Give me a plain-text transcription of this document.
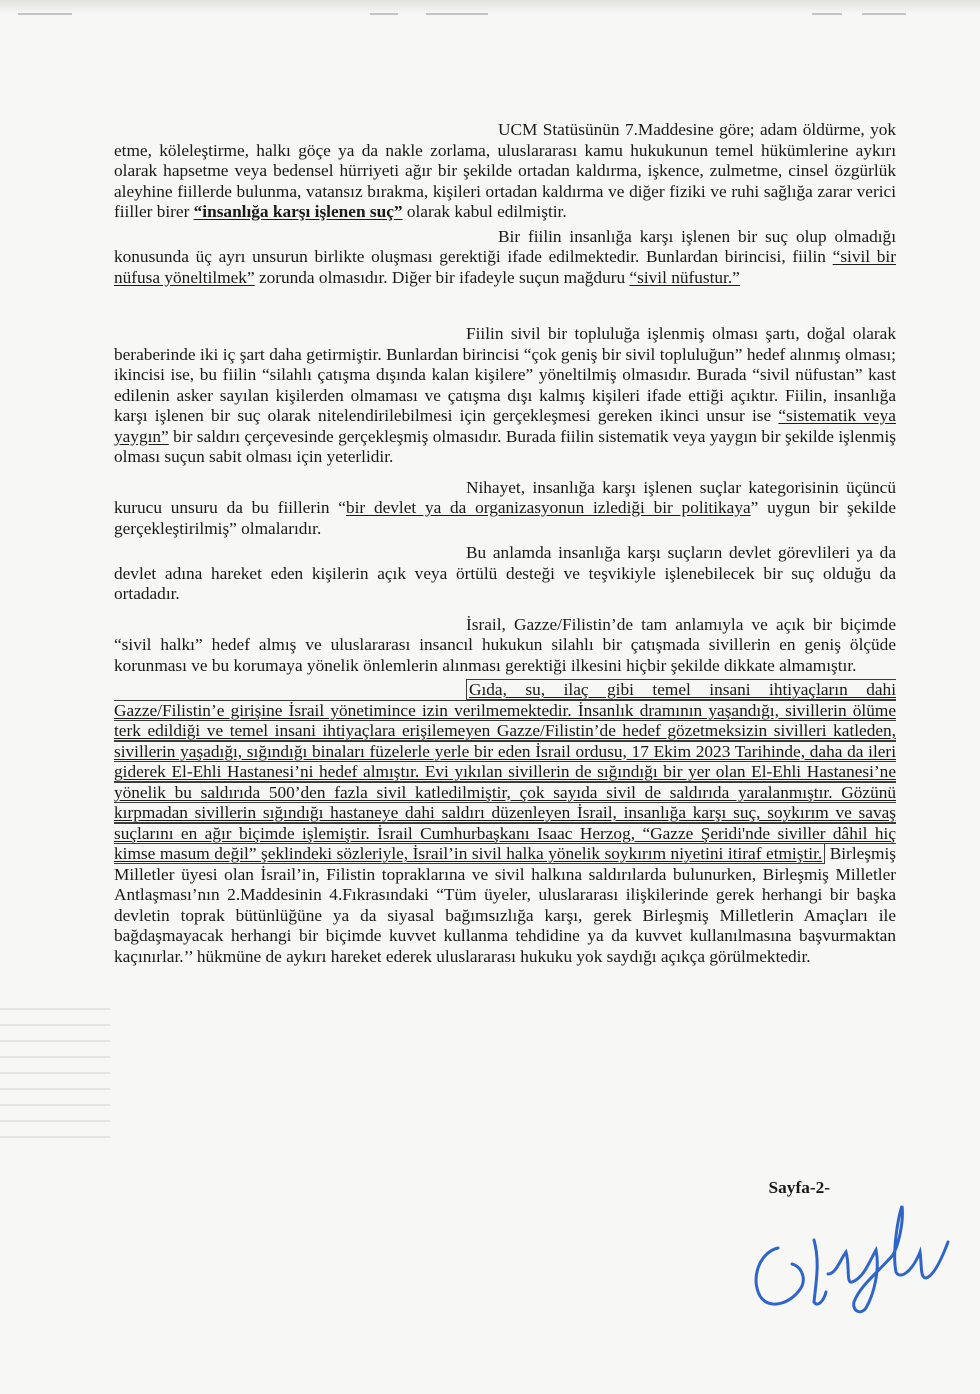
UCM Statüsünün 7.Maddesine göre; adam öldürme, yok etme, köleleştirme, halkı göçe ya da nakle zorlama, uluslararası kamu hukukunun temel hükümlerine aykırı olarak hapsetme veya bedensel hürriyeti ağır bir şekilde ortadan kaldırma, işkence, zulmetme, cinsel özgürlük aleyhine fiillerde bulunma, vatansız bırakma, kişileri ortadan kaldırma ve diğer fiziki ve ruhi sağlığa zarar verici fiiller birer “insanlığa karşı işlenen suç” olarak kabul edilmiştir.

Bir fiilin insanlığa karşı işlenen bir suç olup olmadığı konusunda üç ayrı unsurun birlikte oluşması gerektiği ifade edilmektedir. Bunlardan birincisi, fiilin “sivil bir nüfusa yöneltilmek” zorunda olmasıdır. Diğer bir ifadeyle suçun mağduru “sivil nüfustur.”

Fiilin sivil bir topluluğa işlenmiş olması şartı, doğal olarak beraberinde iki iç şart daha getirmiştir. Bunlardan birincisi “çok geniş bir sivil topluluğun” hedef alınmış olması; ikincisi ise, bu fiilin “silahlı çatışma dışında kalan kişilere” yöneltilmiş olmasıdır. Burada “sivil nüfustan” kast edilenin asker sayılan kişilerden olmaması ve çatışma dışı kalmış kişileri ifade ettiği açıktır. Fiilin, insanlığa karşı işlenen bir suç olarak nitelendirilebilmesi için gerçekleşmesi gereken ikinci unsur ise “sistematik veya yaygın” bir saldırı çerçevesinde gerçekleşmiş olmasıdır. Burada fiilin sistematik veya yaygın bir şekilde işlenmiş olması suçun sabit olması için yeterlidir.

Nihayet, insanlığa karşı işlenen suçlar kategorisinin üçüncü kurucu unsuru da bu fiillerin “bir devlet ya da organizasyonun izlediği bir politikaya” uygun bir şekilde gerçekleştirilmiş” olmalarıdır.

Bu anlamda insanlığa karşı suçların devlet görevlileri ya da devlet adına hareket eden kişilerin açık veya örtülü desteği ve teşvikiyle işlenebilecek bir suç olduğu da ortadadır.

İsrail, Gazze/Filistin’de tam anlamıyla ve açık bir biçimde “sivil halkı” hedef almış ve uluslararası insancıl hukukun silahlı bir çatışmada sivillerin en geniş ölçüde korunması ve bu korumaya yönelik önlemlerin alınması gerektiği ilkesini hiçbir şekilde dikkate almamıştır.

Gıda, su, ilaç gibi temel insani ihtiyaçların dahi Gazze/Filistin’e girişine İsrail yönetimince izin verilmemektedir. İnsanlık dramının yaşandığı, sivillerin ölüme terk edildiği ve temel insani ihtiyaçlara erişilemeyen Gazze/Filistin’de hedef gözetmeksizin sivilleri katleden, sivillerin yaşadığı, sığındığı binaları füzelerle yerle bir eden İsrail ordusu, 17 Ekim 2023 Tarihinde, daha da ileri giderek El-Ehli Hastanesi’ni hedef almıştır. Evi yıkılan sivillerin de sığındığı bir yer olan El-Ehli Hastanesi’ne yönelik bu saldırıda 500’den fazla sivil katledilmiştir, çok sayıda sivil de saldırıda yaralanmıştır. Gözünü kırpmadan sivillerin sığındığı hastaneye dahi saldırı düzenleyen İsrail, insanlığa karşı suç, soykırım ve savaş suçlarını en ağır biçimde işlemiştir. İsrail Cumhurbaşkanı Isaac Herzog, “Gazze Şeridi'nde siviller dâhil hiç kimse masum değil” şeklindeki sözleriyle, İsrail’in sivil halka yönelik soykırım niyetini itiraf etmiştir. Birleşmiş Milletler üyesi olan İsrail’in, Filistin topraklarına ve sivil halkına saldırılarda bulunurken, Birleşmiş Milletler Antlaşması’nın 2.Maddesinin 4.Fıkrasındaki “Tüm üyeler, uluslararası ilişkilerinde gerek herhangi bir başka devletin toprak bütünlüğüne ya da siyasal bağımsızlığa karşı, gerek Birleşmiş Milletlerin Amaçları ile bağdaşmayacak herhangi bir biçimde kuvvet kullanma tehdidine ya da kuvvet kullanılmasına başvurmaktan kaçınırlar.’’ hükmüne de aykırı hareket ederek uluslararası hukuku yok saydığı açıkça görülmektedir.

Sayfa-2-
